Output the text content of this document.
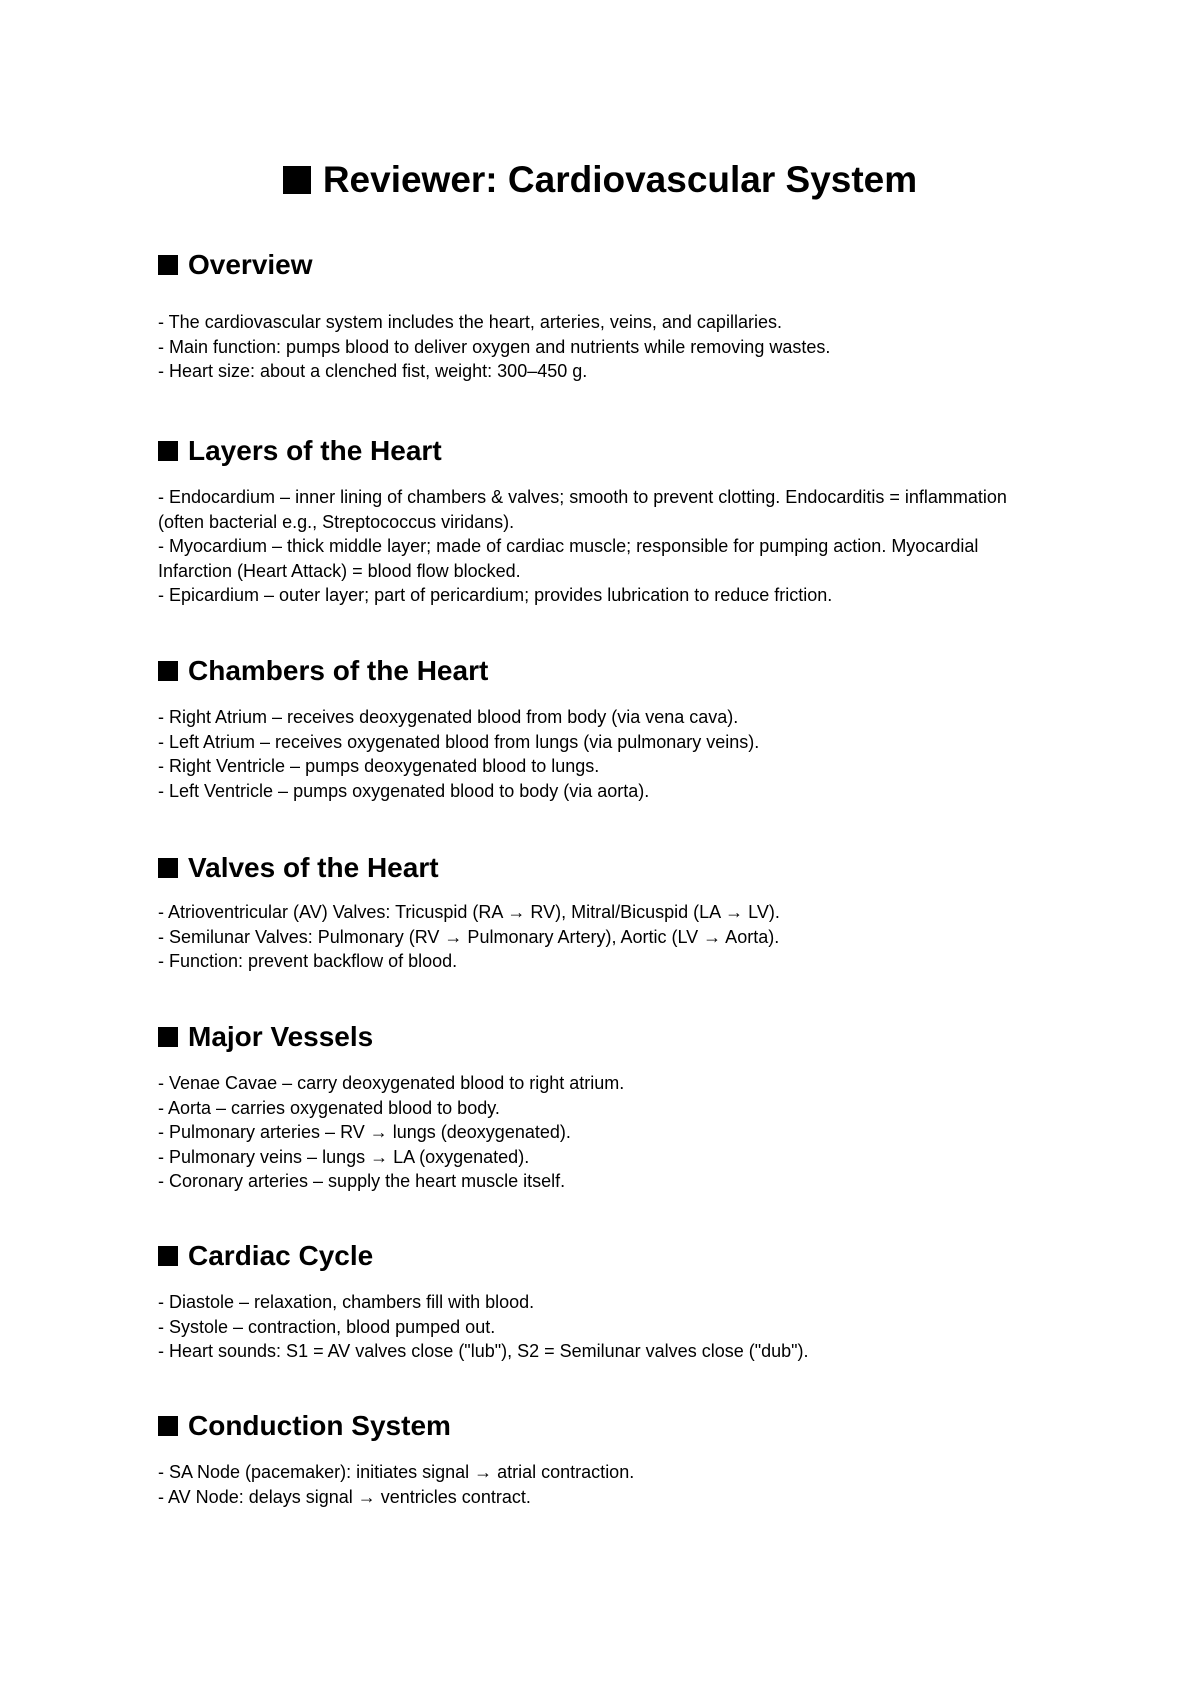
Reviewer: Cardiovascular System
Overview
- The cardiovascular system includes the heart, arteries, veins, and capillaries.
- Main function: pumps blood to deliver oxygen and nutrients while removing wastes.
- Heart size: about a clenched fist, weight: 300–450 g.
Layers of the Heart
- Endocardium – inner lining of chambers & valves; smooth to prevent clotting. Endocarditis = inflammation (often bacterial e.g., Streptococcus viridans).
- Myocardium – thick middle layer; made of cardiac muscle; responsible for pumping action. Myocardial Infarction (Heart Attack) = blood flow blocked.
- Epicardium – outer layer; part of pericardium; provides lubrication to reduce friction.
Chambers of the Heart
- Right Atrium – receives deoxygenated blood from body (via vena cava).
- Left Atrium – receives oxygenated blood from lungs (via pulmonary veins).
- Right Ventricle – pumps deoxygenated blood to lungs.
- Left Ventricle – pumps oxygenated blood to body (via aorta).
Valves of the Heart
- Atrioventricular (AV) Valves: Tricuspid (RA → RV), Mitral/Bicuspid (LA → LV).
- Semilunar Valves: Pulmonary (RV → Pulmonary Artery), Aortic (LV → Aorta).
- Function: prevent backflow of blood.
Major Vessels
- Venae Cavae – carry deoxygenated blood to right atrium.
- Aorta – carries oxygenated blood to body.
- Pulmonary arteries – RV → lungs (deoxygenated).
- Pulmonary veins – lungs → LA (oxygenated).
- Coronary arteries – supply the heart muscle itself.
Cardiac Cycle
- Diastole – relaxation, chambers fill with blood.
- Systole – contraction, blood pumped out.
- Heart sounds: S1 = AV valves close ("lub"), S2 = Semilunar valves close ("dub").
Conduction System
- SA Node (pacemaker): initiates signal → atrial contraction.
- AV Node: delays signal → ventricles contract.
